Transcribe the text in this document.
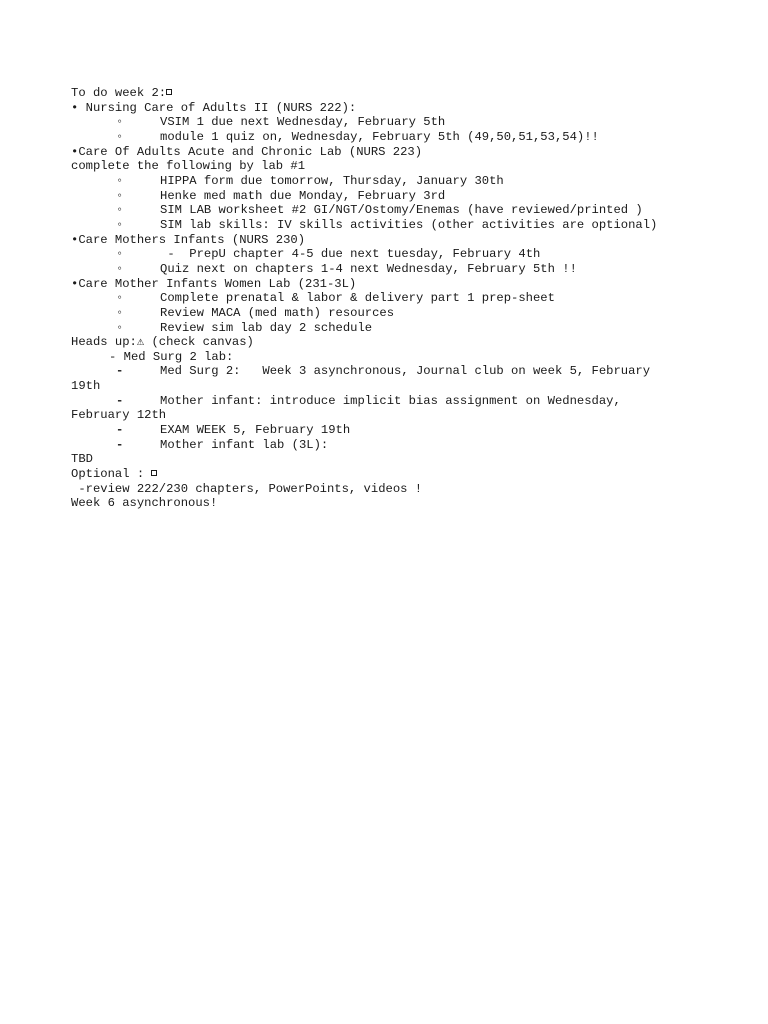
To do week 2:
• Nursing Care of Adults II (NURS 222):
◦	VSIM 1 due next Wednesday, February 5th
◦	module 1 quiz on, Wednesday, February 5th (49,50,51,53,54)!!
•Care Of Adults Acute and Chronic Lab (NURS 223)
complete the following by lab #1
◦	HIPPA form due tomorrow, Thursday, January 30th
◦	Henke med math due Monday, February 3rd
◦	SIM LAB worksheet #2 GI/NGT/Ostomy/Enemas (have reviewed/printed )
◦	SIM lab skills: IV skills activities (other activities are optional)
•Care Mothers Infants (NURS 230)
◦	-  PrepU chapter 4-5 due next tuesday, February 4th
◦	Quiz next on chapters 1-4 next Wednesday, February 5th !!
•Care Mother Infants Women Lab (231-3L)
◦	Complete prenatal & labor & delivery part 1 prep-sheet
◦	Review MACA (med math) resources
◦	Review sim lab day 2 schedule
Heads up:⚠ (check canvas)
- Med Surg 2 lab:
-	Med Surg 2:   Week 3 asynchronous, Journal club on week 5, February
19th
-	Mother infant: introduce implicit bias assignment on Wednesday,
February 12th
-	EXAM WEEK 5, February 19th
-	Mother infant lab (3L):
TBD
Optional :
-review 222/230 chapters, PowerPoints, videos !
Week 6 asynchronous!
